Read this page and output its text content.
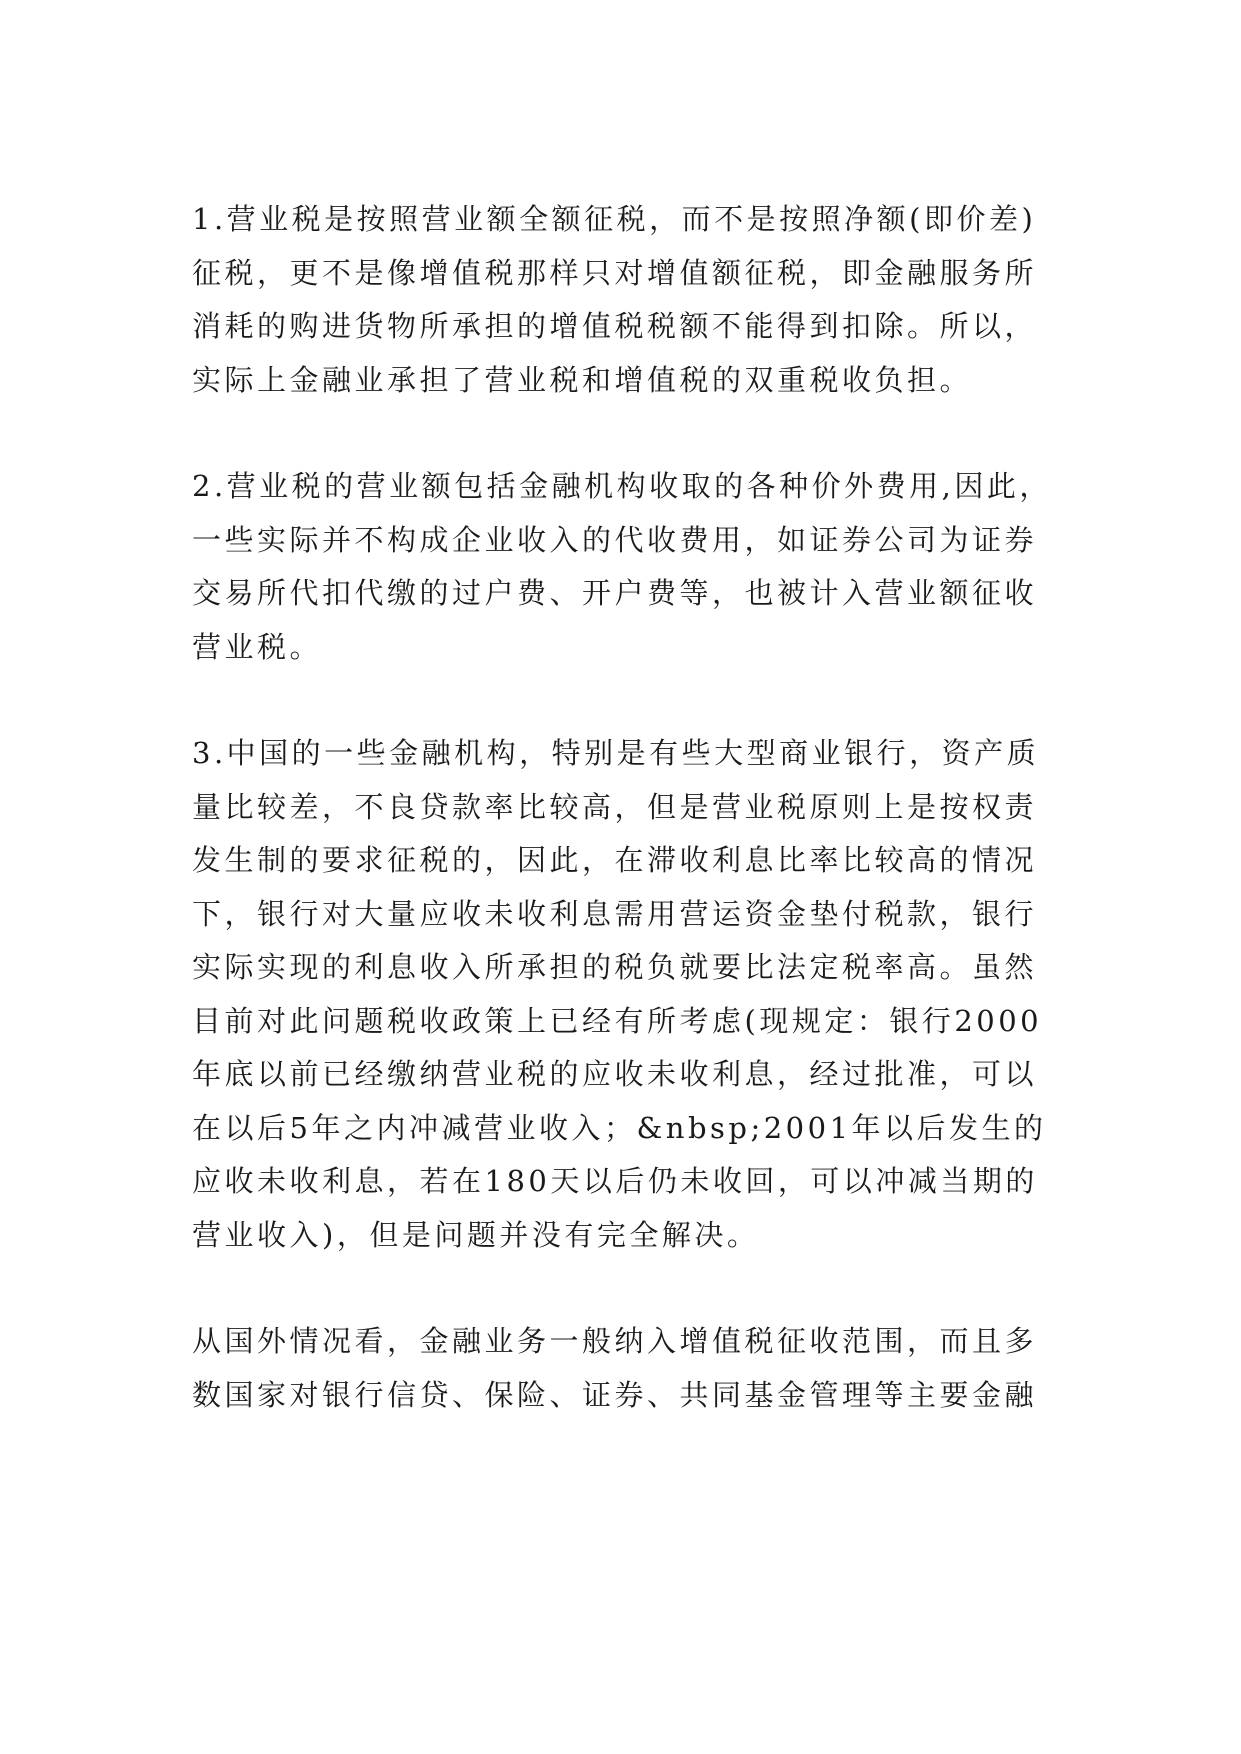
1.营业税是按照营业额全额征税，而不是按照净额(即价差)征税，更不是像增值税那样只对增值额征税，即金融服务所消耗的购进货物所承担的增值税税额不能得到扣除。所以，实际上金融业承担了营业税和增值税的双重税收负担。

2.营业税的营业额包括金融机构收取的各种价外费用,因此，一些实际并不构成企业收入的代收费用，如证券公司为证券交易所代扣代缴的过户费、开户费等，也被计入营业额征收营业税。

3.中国的一些金融机构，特别是有些大型商业银行，资产质量比较差，不良贷款率比较高，但是营业税原则上是按权责发生制的要求征税的，因此，在滞收利息比率比较高的情况下，银行对大量应收未收利息需用营运资金垫付税款，银行实际实现的利息收入所承担的税负就要比法定税率高。虽然目前对此问题税收政策上已经有所考虑(现规定：银行2000年底以前已经缴纳营业税的应收未收利息，经过批准，可以在以后5年之内冲减营业收入；&nbsp;2001年以后发生的应收未收利息，若在180天以后仍未收回，可以冲减当期的营业收入)，但是问题并没有完全解决。

从国外情况看，金融业务一般纳入增值税征收范围，而且多数国家对银行信贷、保险、证券、共同基金管理等主要金融
